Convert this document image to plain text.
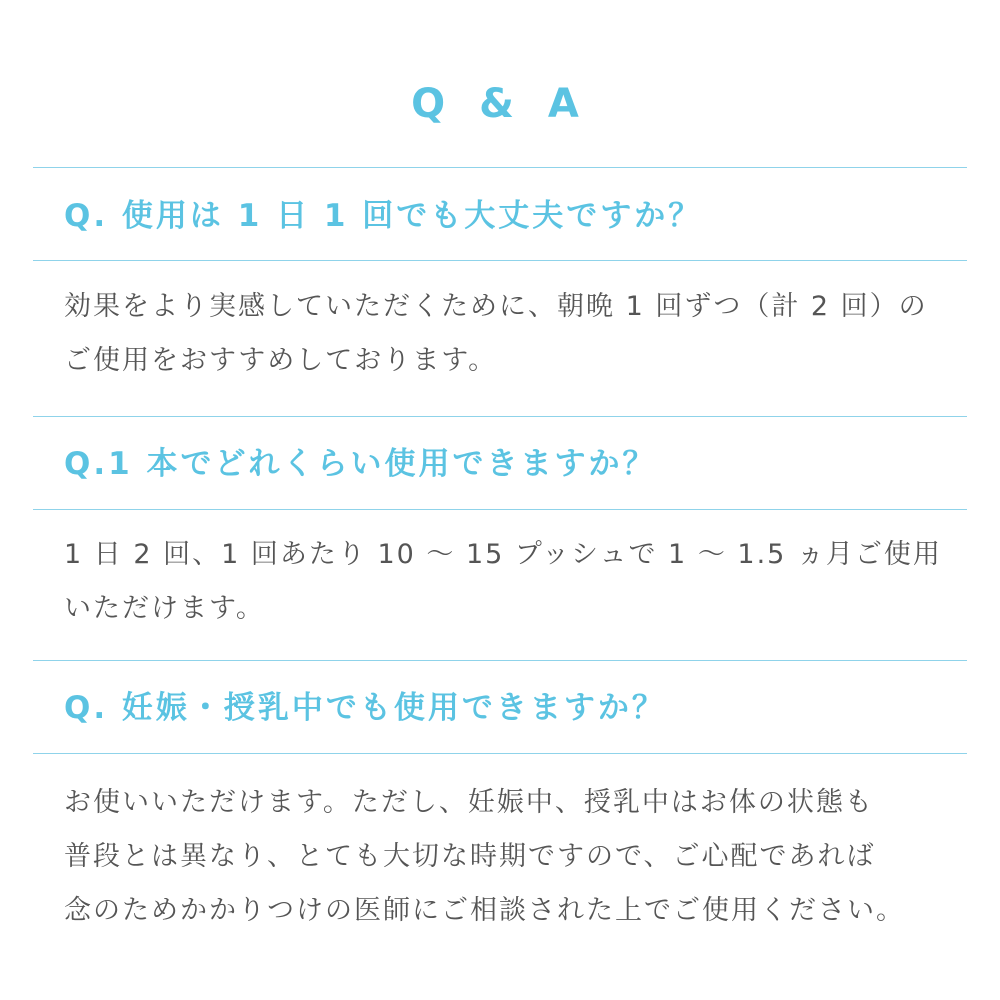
Q & A
Q. 使用は 1 日 1 回でも大丈夫ですか？
効果をより実感していただくために、朝晩 1 回ずつ（計 2 回）の
ご使用をおすすめしております。
Q.1 本でどれくらい使用できますか？
1 日 2 回、1 回あたり 10 〜 15 プッシュで 1 〜 1.5 ヵ月ご使用
いただけます。
Q. 妊娠・授乳中でも使用できますか？
お使いいただけます。ただし、妊娠中、授乳中はお体の状態も
普段とは異なり、とても大切な時期ですので、ご心配であれば
念のためかかりつけの医師にご相談された上でご使用ください。
